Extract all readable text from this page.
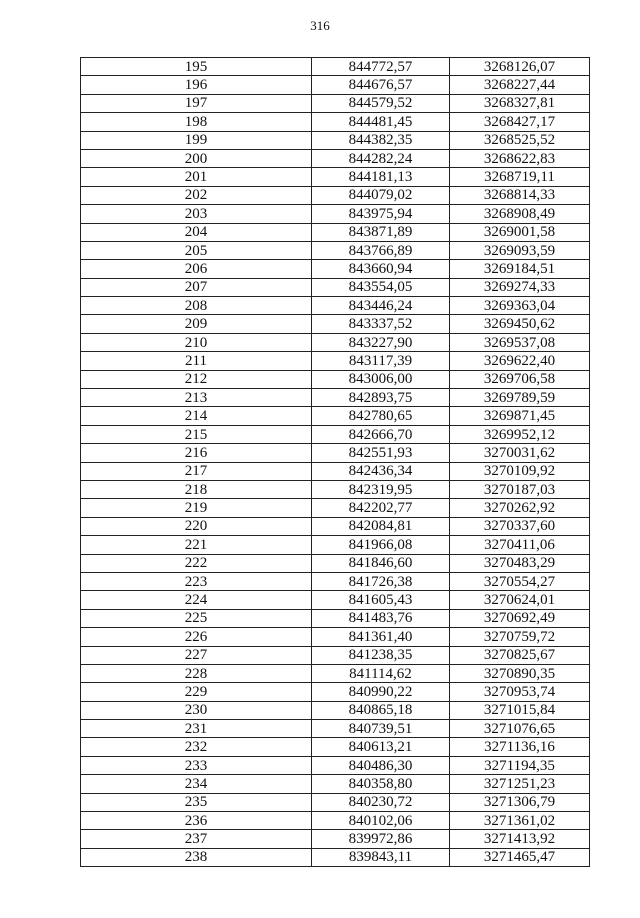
316
195	844772,57	3268126,07
196	844676,57	3268227,44
197	844579,52	3268327,81
198	844481,45	3268427,17
199	844382,35	3268525,52
200	844282,24	3268622,83
201	844181,13	3268719,11
202	844079,02	3268814,33
203	843975,94	3268908,49
204	843871,89	3269001,58
205	843766,89	3269093,59
206	843660,94	3269184,51
207	843554,05	3269274,33
208	843446,24	3269363,04
209	843337,52	3269450,62
210	843227,90	3269537,08
211	843117,39	3269622,40
212	843006,00	3269706,58
213	842893,75	3269789,59
214	842780,65	3269871,45
215	842666,70	3269952,12
216	842551,93	3270031,62
217	842436,34	3270109,92
218	842319,95	3270187,03
219	842202,77	3270262,92
220	842084,81	3270337,60
221	841966,08	3270411,06
222	841846,60	3270483,29
223	841726,38	3270554,27
224	841605,43	3270624,01
225	841483,76	3270692,49
226	841361,40	3270759,72
227	841238,35	3270825,67
228	841114,62	3270890,35
229	840990,22	3270953,74
230	840865,18	3271015,84
231	840739,51	3271076,65
232	840613,21	3271136,16
233	840486,30	3271194,35
234	840358,80	3271251,23
235	840230,72	3271306,79
236	840102,06	3271361,02
237	839972,86	3271413,92
238	839843,11	3271465,47
